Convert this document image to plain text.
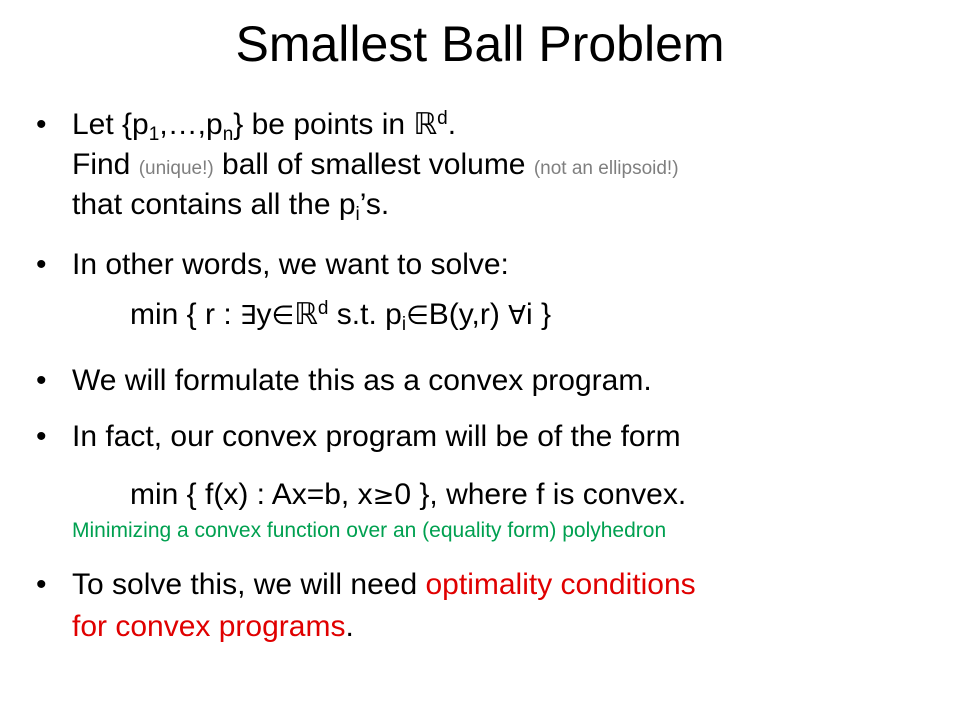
Smallest Ball Problem
• Let $\{p_1,\dots,p_n\}$ be points in ℝ$^d$.
Find (unique!) ball of smallest volume (not an ellipsoid!)
that contains all the $p_i’s$.
• In other words, we want to solve:
min { r : ∃y∈ℝ$^d$ s.t. $p_i\in B(y,r)$ ∀i }
• We will formulate this as a convex program.
• In fact, our convex program will be of the form
min { f(x) : Ax=b, x≥0 }, where f is convex.
Minimizing a convex function over an (equality form) polyhedron
• To solve this, we will need optimality conditions
for convex programs.
